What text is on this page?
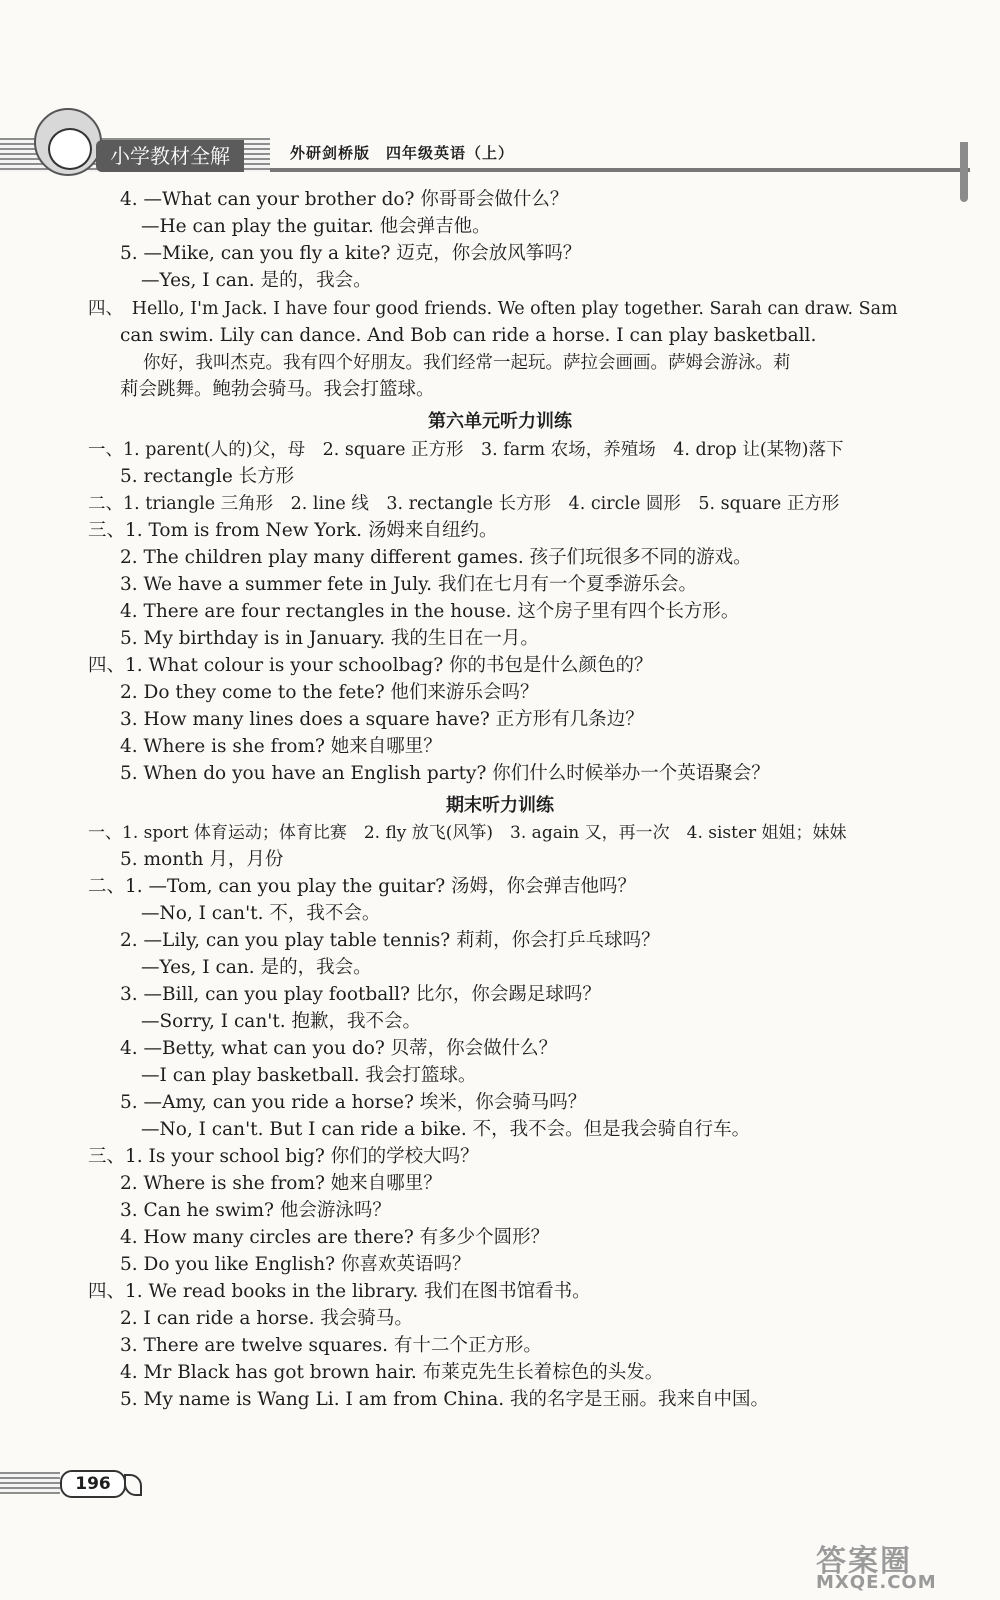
小学教材全解	外研剑桥版　四年级英语（上）
4. —What can your brother do? 你哥哥会做什么？
—He can play the guitar. 他会弹吉他。
5. —Mike, can you fly a kite? 迈克，你会放风筝吗？
—Yes, I can. 是的，我会。
四、　Hello, I'm Jack. I have four good friends. We often play together. Sarah can draw. Sam
can swim. Lily can dance. And Bob can ride a horse. I can play basketball.
你好，我叫杰克。我有四个好朋友。我们经常一起玩。萨拉会画画。萨姆会游泳。莉
莉会跳舞。鲍勃会骑马。我会打篮球。
第六单元听力训练
一、1. parent(人的)父，母　2. square 正方形　3. farm 农场，养殖场　4. drop 让(某物)落下
5. rectangle 长方形
二、1. triangle 三角形　2. line 线　3. rectangle 长方形　4. circle 圆形　5. square 正方形
三、1. Tom is from New York. 汤姆来自纽约。
2. The children play many different games. 孩子们玩很多不同的游戏。
3. We have a summer fete in July. 我们在七月有一个夏季游乐会。
4. There are four rectangles in the house. 这个房子里有四个长方形。
5. My birthday is in January. 我的生日在一月。
四、1. What colour is your schoolbag? 你的书包是什么颜色的？
2. Do they come to the fete? 他们来游乐会吗？
3. How many lines does a square have? 正方形有几条边？
4. Where is she from? 她来自哪里？
5. When do you have an English party? 你们什么时候举办一个英语聚会？
期末听力训练
一、1. sport 体育运动；体育比赛　2. fly 放飞(风筝)　3. again 又，再一次　4. sister 姐姐；妹妹
5. month 月，月份
二、1. —Tom, can you play the guitar? 汤姆，你会弹吉他吗？
—No, I can't. 不，我不会。
2. —Lily, can you play table tennis? 莉莉，你会打乒乓球吗？
—Yes, I can. 是的，我会。
3. —Bill, can you play football? 比尔，你会踢足球吗？
—Sorry, I can't. 抱歉，我不会。
4. —Betty, what can you do? 贝蒂，你会做什么？
—I can play basketball. 我会打篮球。
5. —Amy, can you ride a horse? 埃米，你会骑马吗？
—No, I can't. But I can ride a bike. 不，我不会。但是我会骑自行车。
三、1. Is your school big? 你们的学校大吗？
2. Where is she from? 她来自哪里？
3. Can he swim? 他会游泳吗？
4. How many circles are there? 有多少个圆形？
5. Do you like English? 你喜欢英语吗？
四、1. We read books in the library. 我们在图书馆看书。
2. I can ride a horse. 我会骑马。
3. There are twelve squares. 有十二个正方形。
4. Mr Black has got brown hair. 布莱克先生长着棕色的头发。
5. My name is Wang Li. I am from China. 我的名字是王丽。我来自中国。
196
答案圈
MXQE.COM
